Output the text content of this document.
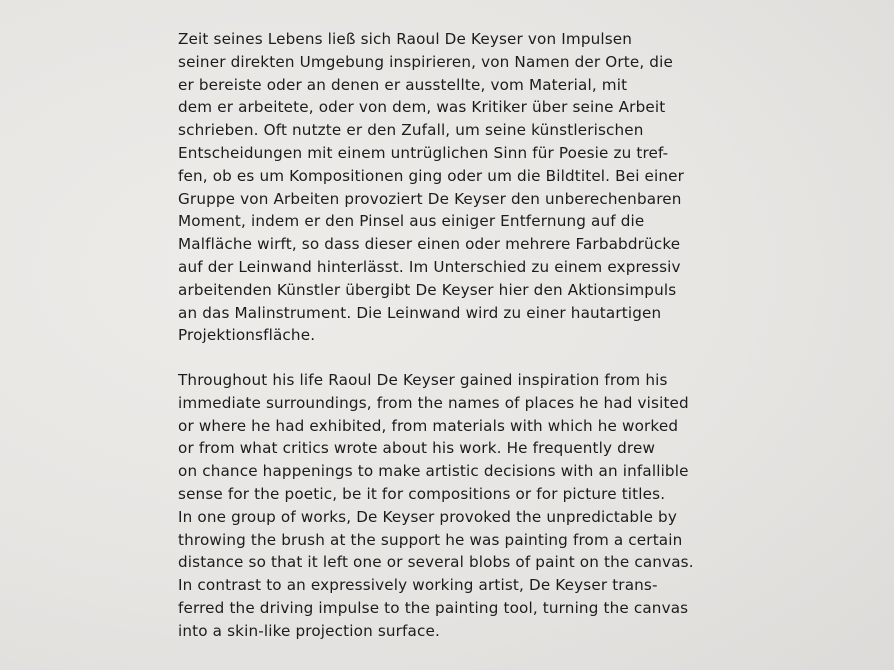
Zeit seines Lebens ließ sich Raoul De Keyser von Impulsen
seiner direkten Umgebung inspirieren, von Namen der Orte, die
er bereiste oder an denen er ausstellte, vom Material, mit
dem er arbeitete, oder von dem, was Kritiker über seine Arbeit
schrieben. Oft nutzte er den Zufall, um seine künstlerischen
Entscheidungen mit einem untrüglichen Sinn für Poesie zu tref-
fen, ob es um Kompositionen ging oder um die Bildtitel. Bei einer
Gruppe von Arbeiten provoziert De Keyser den unberechenbaren
Moment, indem er den Pinsel aus einiger Entfernung auf die
Malfläche wirft, so dass dieser einen oder mehrere Farbabdrücke
auf der Leinwand hinterlässt. Im Unterschied zu einem expressiv
arbeitenden Künstler übergibt De Keyser hier den Aktionsimpuls
an das Malinstrument. Die Leinwand wird zu einer hautartigen
Projektionsfläche.
Throughout his life Raoul De Keyser gained inspiration from his
immediate surroundings, from the names of places he had visited
or where he had exhibited, from materials with which he worked
or from what critics wrote about his work. He frequently drew
on chance happenings to make artistic decisions with an infallible
sense for the poetic, be it for compositions or for picture titles.
In one group of works, De Keyser provoked the unpredictable by
throwing the brush at the support he was painting from a certain
distance so that it left one or several blobs of paint on the canvas.
In contrast to an expressively working artist, De Keyser trans-
ferred the driving impulse to the painting tool, turning the canvas
into a skin-like projection surface.
